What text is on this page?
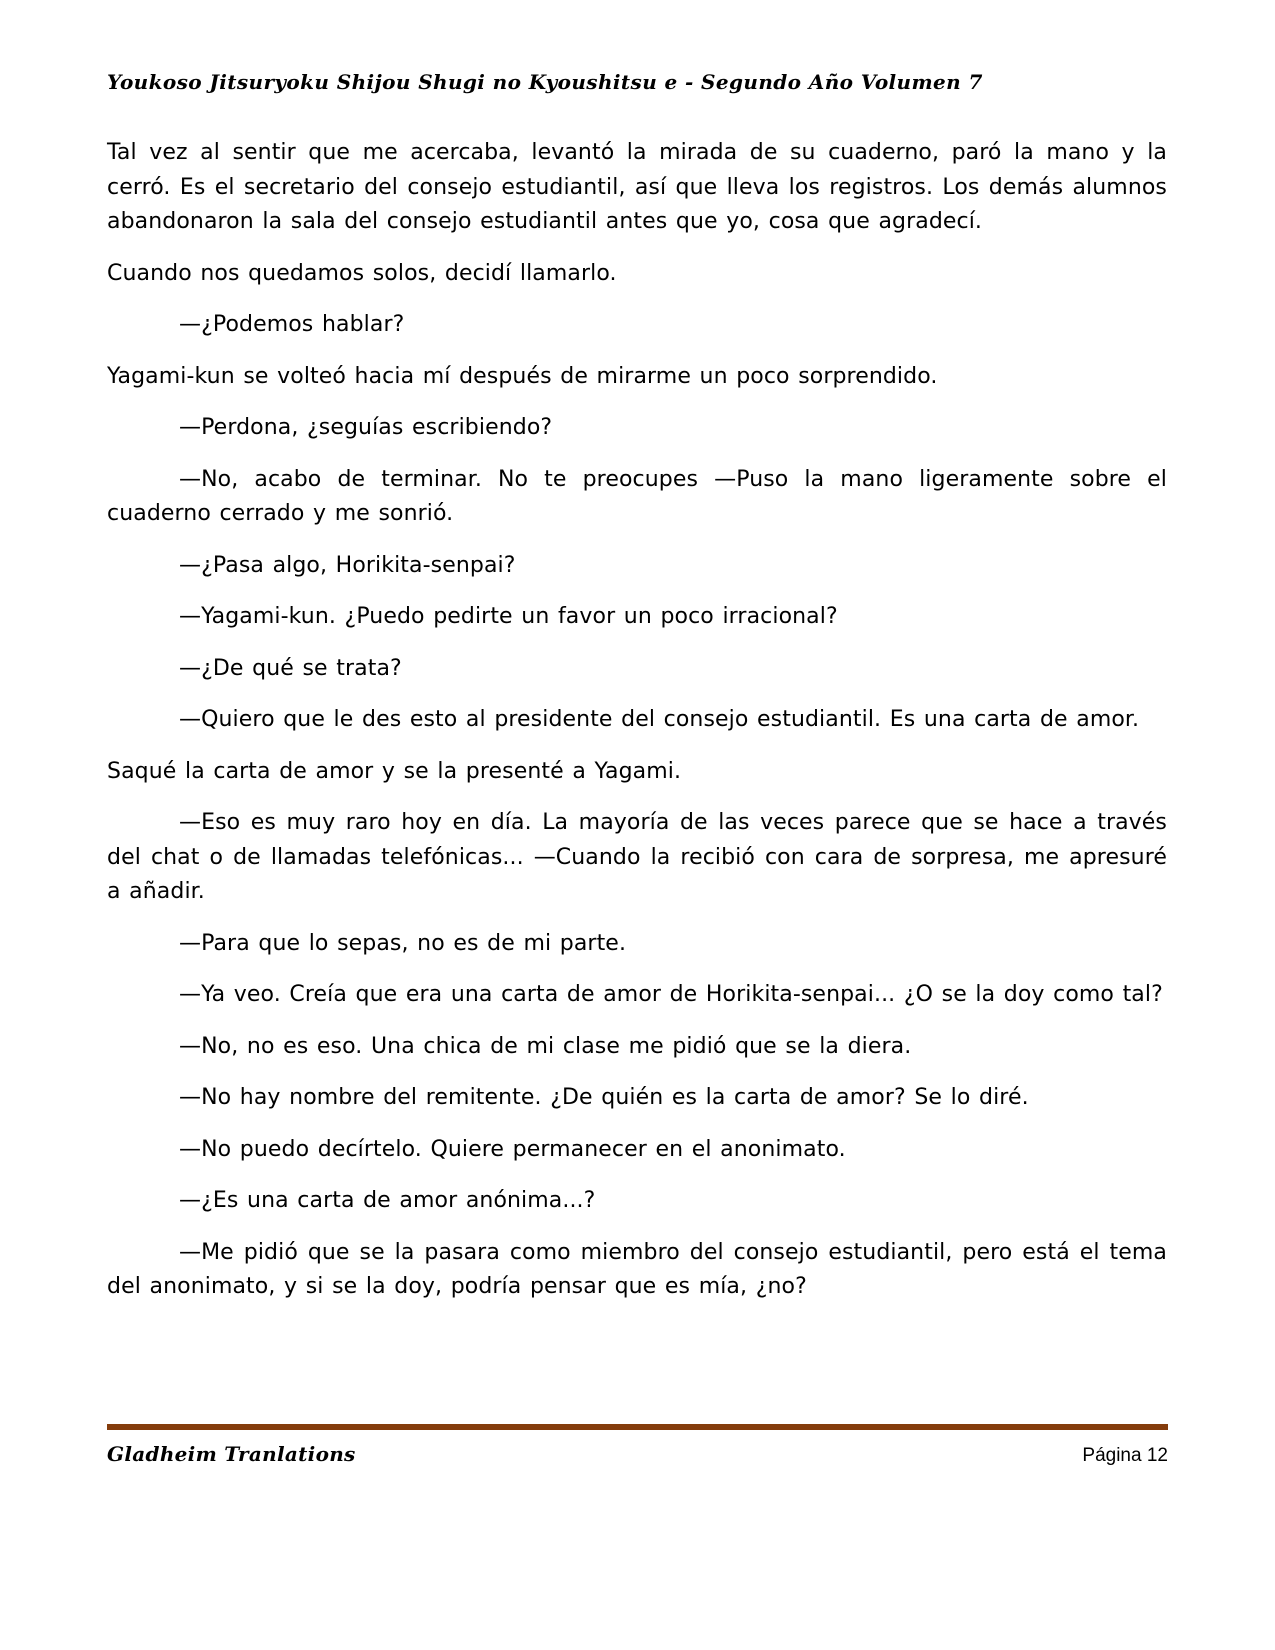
Youkoso Jitsuryoku Shijou Shugi no Kyoushitsu e - Segundo Año Volumen 7

Tal vez al sentir que me acercaba, levantó la mirada de su cuaderno, paró la mano y la cerró. Es el secretario del consejo estudiantil, así que lleva los registros. Los demás alumnos abandonaron la sala del consejo estudiantil antes que yo, cosa que agradecí.

Cuando nos quedamos solos, decidí llamarlo.

—¿Podemos hablar?

Yagami-kun se volteó hacia mí después de mirarme un poco sorprendido.

—Perdona, ¿seguías escribiendo?

—No, acabo de terminar. No te preocupes —Puso la mano ligeramente sobre el cuaderno cerrado y me sonrió.

—¿Pasa algo, Horikita-senpai?

—Yagami-kun. ¿Puedo pedirte un favor un poco irracional?

—¿De qué se trata?

—Quiero que le des esto al presidente del consejo estudiantil. Es una carta de amor.

Saqué la carta de amor y se la presenté a Yagami.

—Eso es muy raro hoy en día. La mayoría de las veces parece que se hace a través del chat o de llamadas telefónicas... —Cuando la recibió con cara de sorpresa, me apresuré a añadir.

—Para que lo sepas, no es de mi parte.

—Ya veo. Creía que era una carta de amor de Horikita-senpai... ¿O se la doy como tal?

—No, no es eso. Una chica de mi clase me pidió que se la diera.

—No hay nombre del remitente. ¿De quién es la carta de amor? Se lo diré.

—No puedo decírtelo. Quiere permanecer en el anonimato.

—¿Es una carta de amor anónima...?

—Me pidió que se la pasara como miembro del consejo estudiantil, pero está el tema del anonimato, y si se la doy, podría pensar que es mía, ¿no?

Gladheim Tranlations	Página 12
